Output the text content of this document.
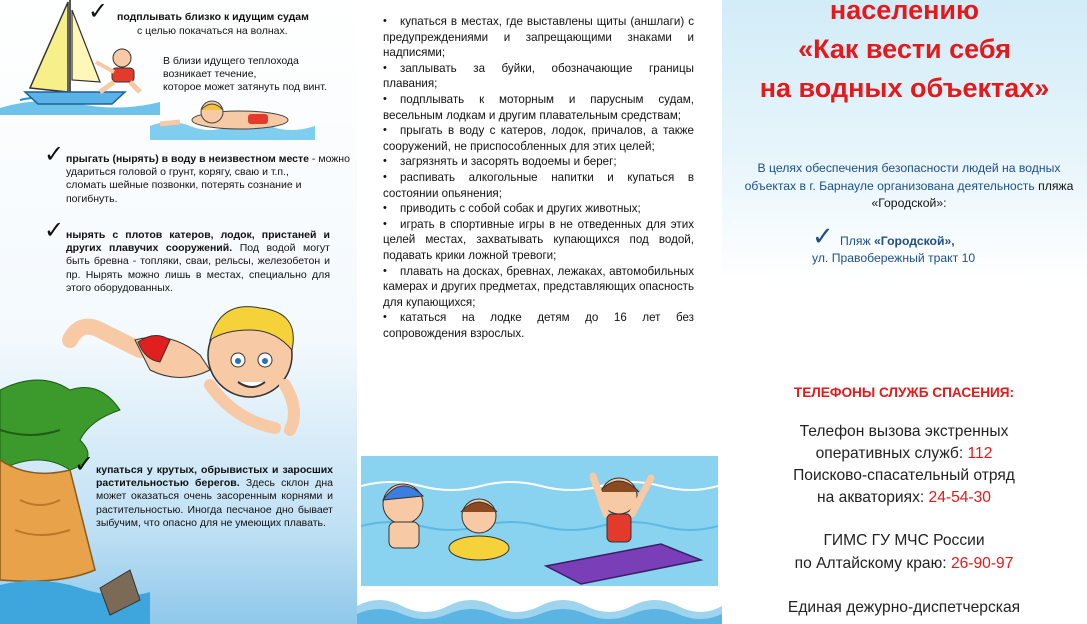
✓ подплывать близко к идущим судам
с целью покачаться на волнах.
В близи идущего теплохода
возникает течение,
которое может затянуть под винт.
✓ прыгать (нырять) в воду в неизвестном месте - можно удариться головой о грунт, корягу, сваю и т.п.,
сломать шейные позвонки, потерять сознание и
погибнуть.
✓ нырять с плотов катеров, лодок, пристаней и других плавучих сооружений. Под водой могут быть бревна - топляки, сваи, рельсы, железобетон и пр. Нырять можно лишь в местах, специально для этого оборудованных.
✓ купаться у крутых, обрывистых и заросших растительностью берегов. Здесь склон дна может оказаться очень засоренным корнями и растительностью. Иногда песчаное дно бывает зыбучим, что опасно для не умеющих плавать.
• купаться в местах, где выставлены щиты (аншлаги) с предупреждениями и запрещающими знаками и надписями;
• заплывать за буйки, обозначающие границы плавания;
• подплывать к моторным и парусным судам, весельным лодкам и другим плавательным средствам;
• прыгать в воду с катеров, лодок, причалов, а также сооружений, не приспособленных для этих целей;
• загрязнять и засорять водоемы и берег;
• распивать алкогольные напитки и купаться в состоянии опьянения;
• приводить с собой собак и других животных;
• играть в спортивные игры в не отведенных для этих целей местах, захватывать купающихся под водой, подавать крики ложной тревоги;
• плавать на досках, бревнах, лежаках, автомобильных камерах и других предметах, представляющих опасность для купающихся;
• кататься на лодке детям до 16 лет без сопровождения взрослых.
населению
«Как вести себя
на водных объектах»
В целях обеспечения безопасности людей на водных объектах в г. Барнауле организована деятельность пляжа «Городской»:
✓ Пляж «Городской»,
ул. Правобережный тракт 10
ТЕЛЕФОНЫ СЛУЖБ СПАСЕНИЯ:
Телефон вызова экстренных
оперативных служб: 112
Поисково-спасательный отряд
на акваториях: 24-54-30
ГИМС ГУ МЧС России
по Алтайскому краю: 26-90-97
Единая дежурно-диспетчерская
